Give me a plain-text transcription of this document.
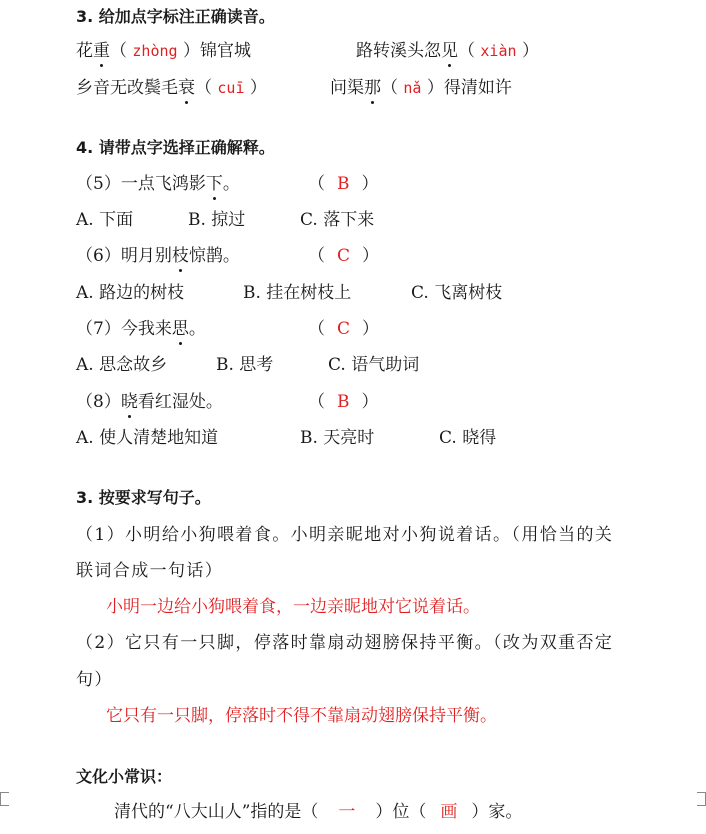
3. 给加点字标注正确读音。
花重（ zhòng ）锦官城	路转溪头忽见（ xiàn ）
乡音无改鬓毛衰（ cuī ）	问渠那（ nǎ ）得清如许
4. 请带点字选择正确解释。
（5）一点飞鸿影下。	（ B ）
A. 下面	B. 掠过	C. 落下来
（6）明月别枝惊鹊。	（ C ）
A. 路边的树枝	B. 挂在树枝上	C. 飞离树枝
（7）今我来思。	（ C ）
A. 思念故乡	B. 思考	C. 语气助词
（8）晓看红湿处。	（ B ）
A. 使人清楚地知道	B. 天亮时	C. 晓得
3. 按要求写句子。
（1）小明给小狗喂着食。小明亲昵地对小狗说着话。（用恰当的关
联词合成一句话）
小明一边给小狗喂着食，一边亲昵地对它说着话。
（2）它只有一只脚，停落时靠扇动翅膀保持平衡。（改为双重否定
句）
它只有一只脚，停落时不得不靠扇动翅膀保持平衡。
文化小常识：
清代的“八大山人”指的是（ 一 ）位（ 画 ）家。
